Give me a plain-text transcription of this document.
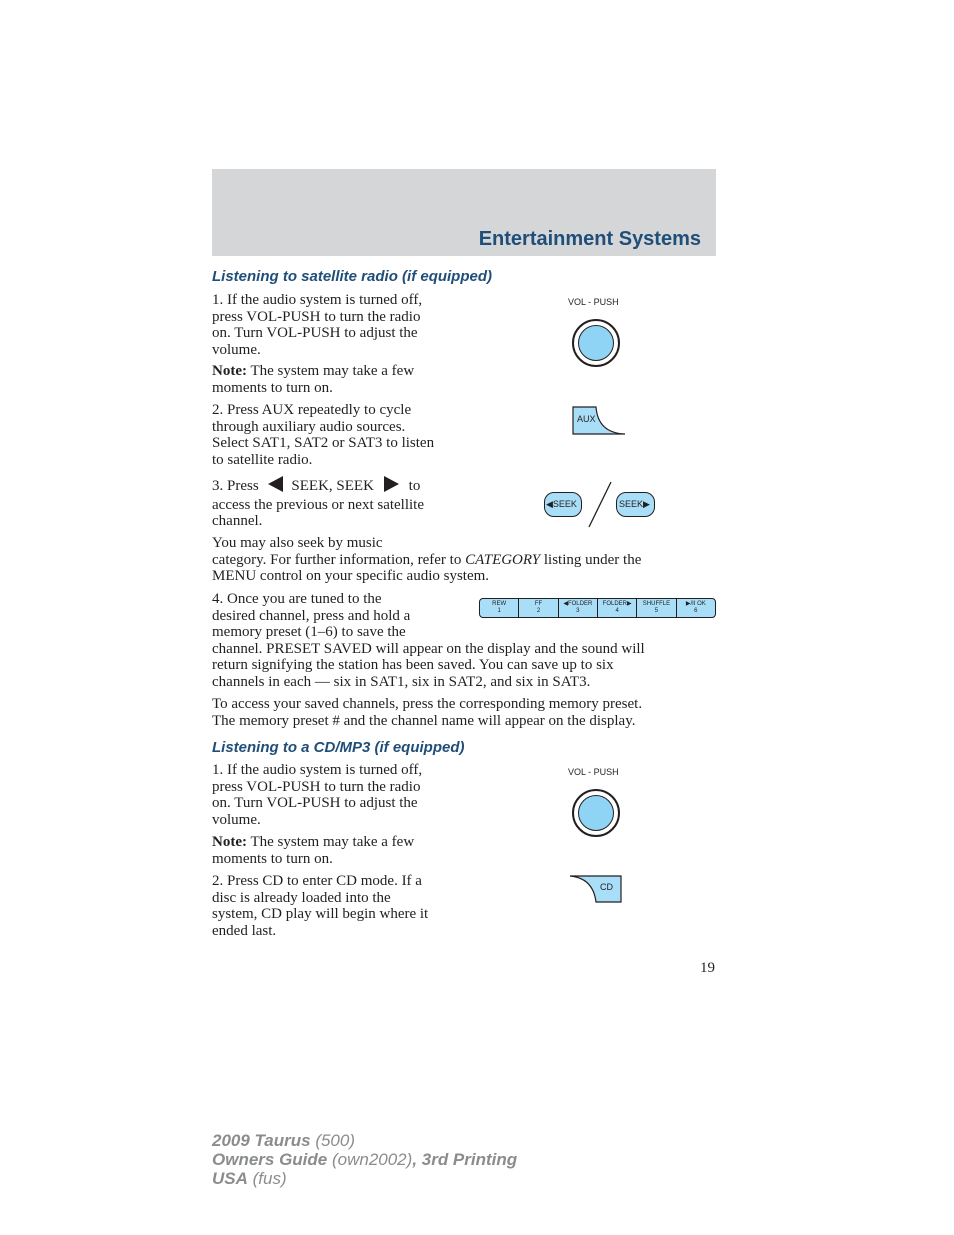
Entertainment Systems
Listening to satellite radio (if equipped)
1. If the audio system is turned off,
press VOL-PUSH to turn the radio
on. Turn VOL-PUSH to adjust the
volume.
Note: The system may take a few
moments to turn on.
2. Press AUX repeatedly to cycle
through auxiliary audio sources.
Select SAT1, SAT2 or SAT3 to listen
to satellite radio.
3. Press SEEK, SEEK to
access the previous or next satellite
channel.
You may also seek by music
category. For further information, refer to CATEGORY listing under the
MENU control on your specific audio system.
4. Once you are tuned to the
desired channel, press and hold a
memory preset (1–6) to save the
channel. PRESET SAVED will appear on the display and the sound will
return signifying the station has been saved. You can save up to six
channels in each — six in SAT1, six in SAT2, and six in SAT3.
To access your saved channels, press the corresponding memory preset.
The memory preset # and the channel name will appear on the display.
Listening to a CD/MP3 (if equipped)
1. If the audio system is turned off,
press VOL-PUSH to turn the radio
on. Turn VOL-PUSH to adjust the
volume.
Note: The system may take a few
moments to turn on.
2. Press CD to enter CD mode. If a
disc is already loaded into the
system, CD play will begin where it
ended last.
VOL - PUSH
AUX
◀SEEK	SEEK▶
REW
1
FF
2
◀FOLDER
3
FOLDER▶
4
SHUFFLE
5
▶/II OK
6
VOL - PUSH
CD
19
2009 Taurus (500)
Owners Guide (own2002), 3rd Printing
USA (fus)
